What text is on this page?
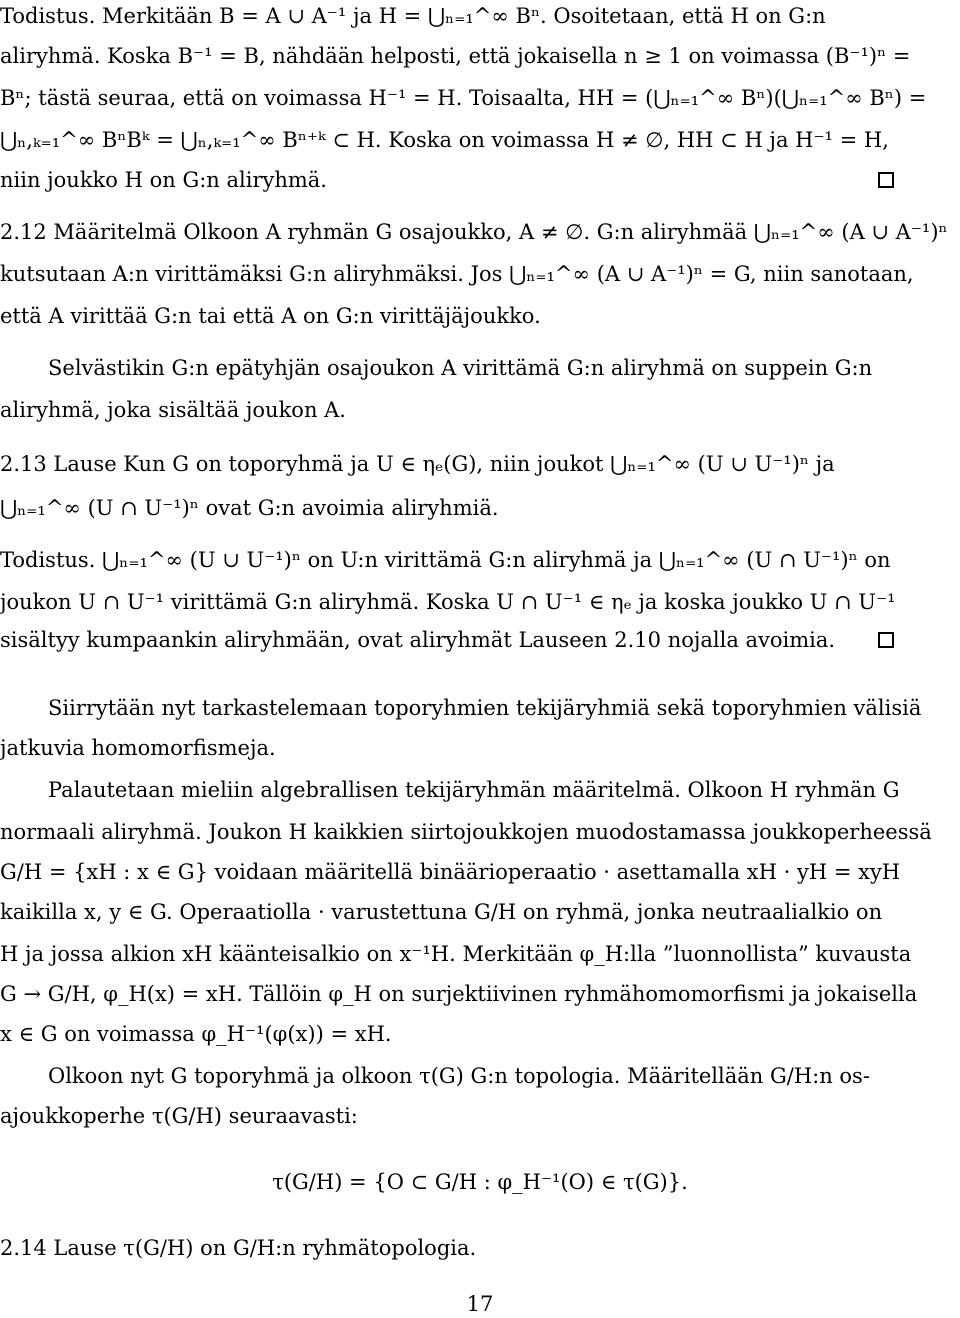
Todistus. Merkitään B = A ∪ A⁻¹ ja H = ⋃ₙ₌₁^∞ Bⁿ. Osoitetaan, että H on G:n
aliryhmä. Koska B⁻¹ = B, nähdään helposti, että jokaisella n ≥ 1 on voimassa (B⁻¹)ⁿ =
Bⁿ; tästä seuraa, että on voimassa H⁻¹ = H. Toisaalta, HH = (⋃ₙ₌₁^∞ Bⁿ)(⋃ₙ₌₁^∞ Bⁿ) =
⋃ₙ,ₖ₌₁^∞ BⁿBᵏ = ⋃ₙ,ₖ₌₁^∞ Bⁿ⁺ᵏ ⊂ H. Koska on voimassa H ≠ ∅, HH ⊂ H ja H⁻¹ = H,
niin joukko H on G:n aliryhmä.
2.12 Määritelmä Olkoon A ryhmän G osajoukko, A ≠ ∅. G:n aliryhmää ⋃ₙ₌₁^∞ (A ∪ A⁻¹)ⁿ
kutsutaan A:n virittämäksi G:n aliryhmäksi. Jos ⋃ₙ₌₁^∞ (A ∪ A⁻¹)ⁿ = G, niin sanotaan,
että A virittää G:n tai että A on G:n virittäjäjoukko.
Selvästikin G:n epätyhjän osajoukon A virittämä G:n aliryhmä on suppein G:n
aliryhmä, joka sisältää joukon A.
2.13 Lause Kun G on toporyhmä ja U ∈ ηₑ(G), niin joukot ⋃ₙ₌₁^∞ (U ∪ U⁻¹)ⁿ ja
⋃ₙ₌₁^∞ (U ∩ U⁻¹)ⁿ ovat G:n avoimia aliryhmiä.
Todistus. ⋃ₙ₌₁^∞ (U ∪ U⁻¹)ⁿ on U:n virittämä G:n aliryhmä ja ⋃ₙ₌₁^∞ (U ∩ U⁻¹)ⁿ on
joukon U ∩ U⁻¹ virittämä G:n aliryhmä. Koska U ∩ U⁻¹ ∈ ηₑ ja koska joukko U ∩ U⁻¹
sisältyy kumpaankin aliryhmään, ovat aliryhmät Lauseen 2.10 nojalla avoimia.
Siirrytään nyt tarkastelemaan toporyhmien tekijäryhmiä sekä toporyhmien välisiä
jatkuvia homomorfismeja.
Palautetaan mieliin algebrallisen tekijäryhmän määritelmä. Olkoon H ryhmän G
normaali aliryhmä. Joukon H kaikkien siirtojoukkojen muodostamassa joukkoperheessä
G/H = {xH : x ∈ G} voidaan määritellä binäärioperaatio · asettamalla xH · yH = xyH
kaikilla x, y ∈ G. Operaatiolla · varustettuna G/H on ryhmä, jonka neutraalialkio on
H ja jossa alkion xH käänteisalkio on x⁻¹H. Merkitään φ_H:lla ”luonnollista” kuvausta
G → G/H, φ_H(x) = xH. Tällöin φ_H on surjektiivinen ryhmähomomorfismi ja jokaisella
x ∈ G on voimassa φ_H⁻¹(φ(x)) = xH.
Olkoon nyt G toporyhmä ja olkoon τ(G) G:n topologia. Määritellään G/H:n os-
ajoukkoperhe τ(G/H) seuraavasti:
τ(G/H) = {O ⊂ G/H : φ_H⁻¹(O) ∈ τ(G)}.
2.14 Lause τ(G/H) on G/H:n ryhmätopologia.
17
